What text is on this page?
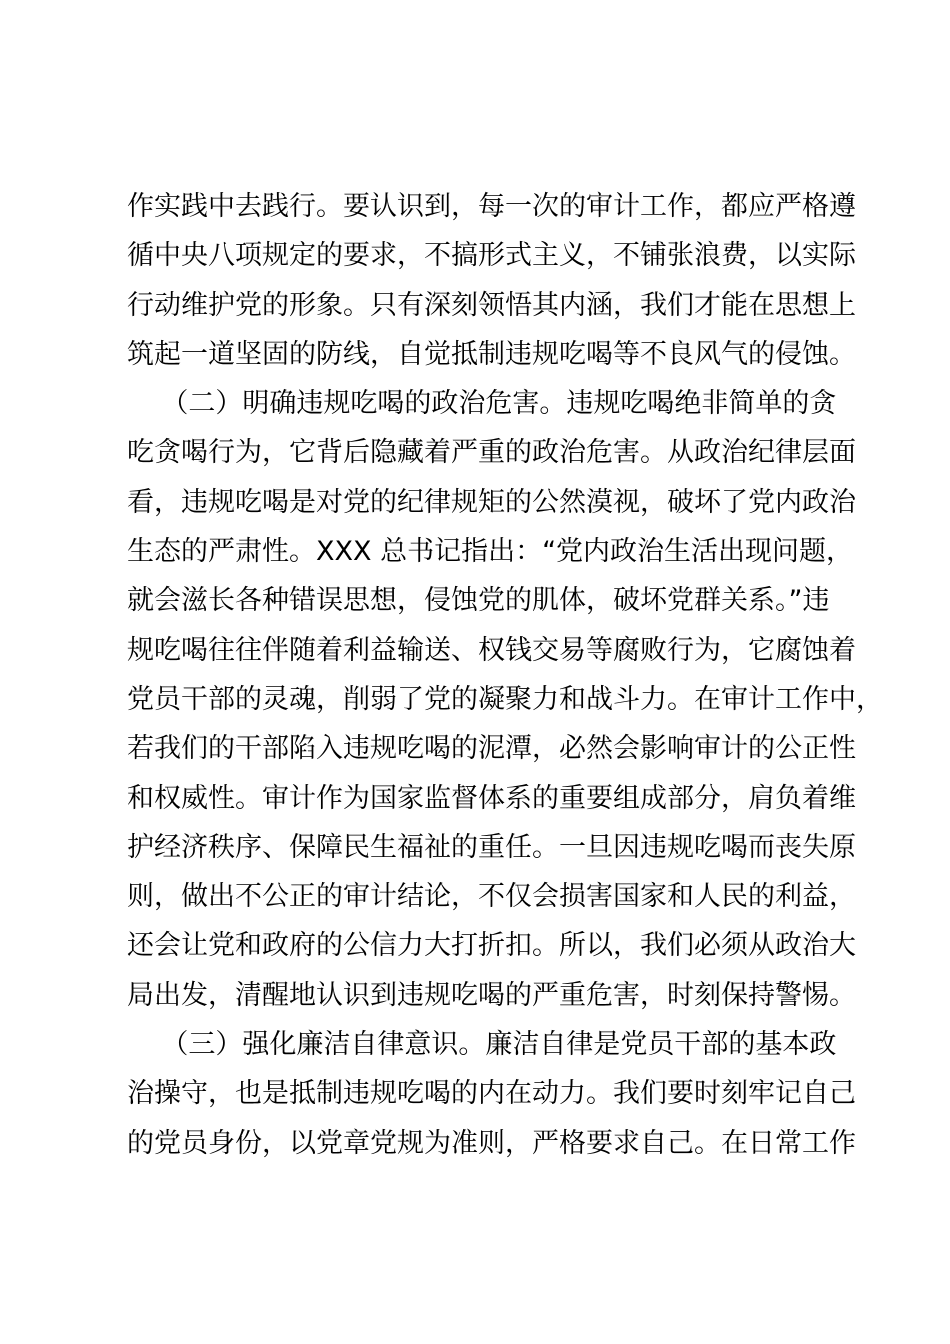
作实践中去践行。要认识到，每一次的审计工作，都应严格遵
循中央八项规定的要求，不搞形式主义，不铺张浪费，以实际
行动维护党的形象。只有深刻领悟其内涵，我们才能在思想上
筑起一道坚固的防线，自觉抵制违规吃喝等不良风气的侵蚀。
（二）明确违规吃喝的政治危害。违规吃喝绝非简单的贪
吃贪喝行为，它背后隐藏着严重的政治危害。从政治纪律层面
看，违规吃喝是对党的纪律规矩的公然漠视，破坏了党内政治
生态的严肃性。XXX 总书记指出：“党内政治生活出现问题，
就会滋长各种错误思想，侵蚀党的肌体，破坏党群关系。”违
规吃喝往往伴随着利益输送、权钱交易等腐败行为，它腐蚀着
党员干部的灵魂，削弱了党的凝聚力和战斗力。在审计工作中，
若我们的干部陷入违规吃喝的泥潭，必然会影响审计的公正性
和权威性。审计作为国家监督体系的重要组成部分，肩负着维
护经济秩序、保障民生福祉的重任。一旦因违规吃喝而丧失原
则，做出不公正的审计结论，不仅会损害国家和人民的利益，
还会让党和政府的公信力大打折扣。所以，我们必须从政治大
局出发，清醒地认识到违规吃喝的严重危害，时刻保持警惕。
（三）强化廉洁自律意识。廉洁自律是党员干部的基本政
治操守，也是抵制违规吃喝的内在动力。我们要时刻牢记自己
的党员身份，以党章党规为准则，严格要求自己。在日常工作
